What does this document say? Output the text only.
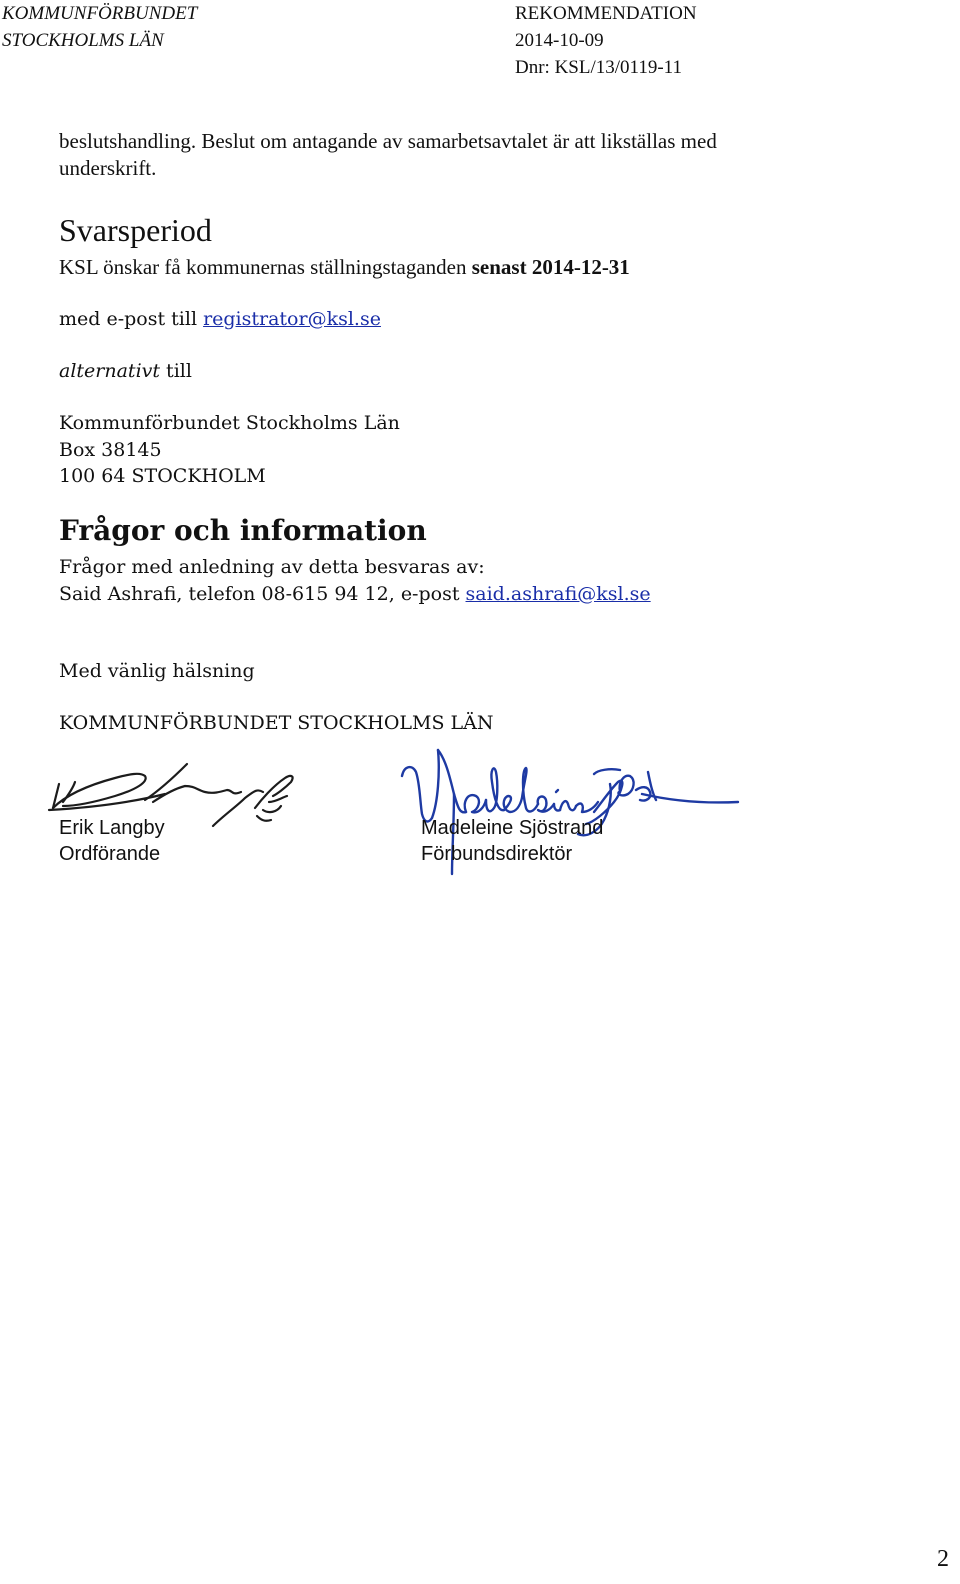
KOMMUNFÖRBUNDET
STOCKHOLMS LÄN
REKOMMENDATION
2014-10-09
Dnr: KSL/13/0119-11
beslutshandling. Beslut om antagande av samarbetsavtalet är att likställas med
underskrift.
Svarsperiod
KSL önskar få kommunernas ställningstaganden senast 2014-12-31
med e-post till registrator@ksl.se
alternativt till
Kommunförbundet Stockholms Län
Box 38145
100 64 STOCKHOLM
Frågor och information
Frågor med anledning av detta besvaras av:
Said Ashrafi, telefon 08-615 94 12, e-post said.ashrafi@ksl.se
Med vänlig hälsning
KOMMUNFÖRBUNDET STOCKHOLMS LÄN
Erik Langby
Ordförande
Madeleine Sjöstrand
Förbundsdirektör
2
